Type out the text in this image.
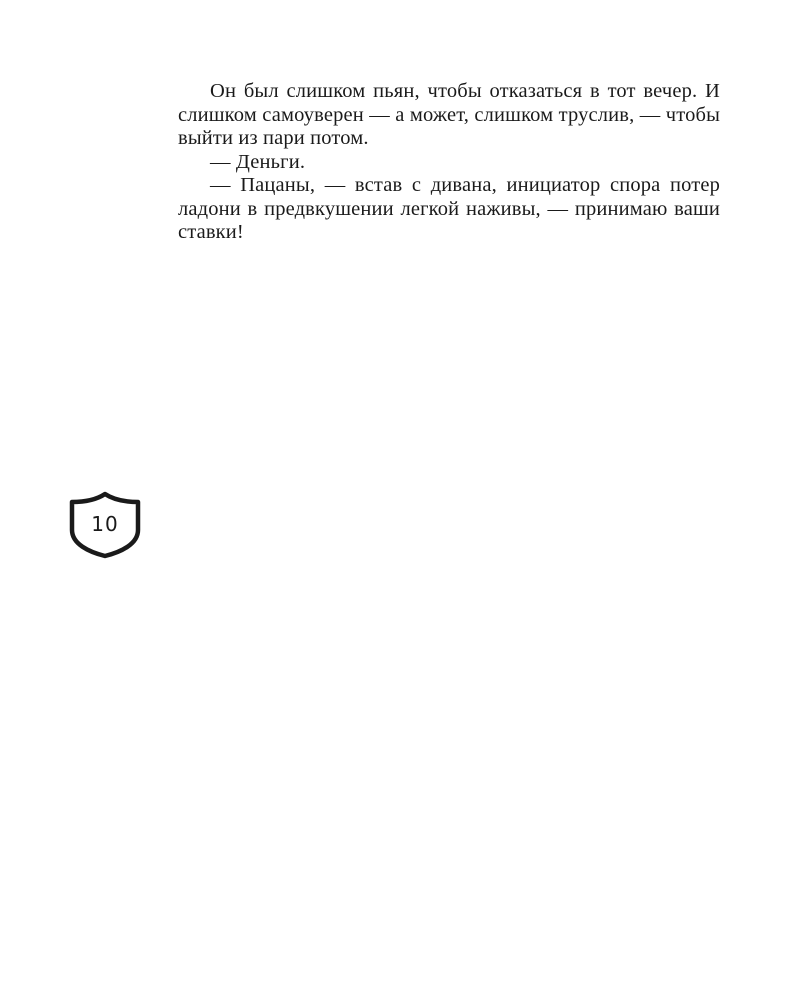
Он был слишком пьян, чтобы отказаться в тот вечер. И слишком самоуверен — а может, слишком труслив, — чтобы выйти из пари потом.

— Деньги.

— Пацаны, — встав с дивана, инициатор спора потер ладони в предвкушении легкой наживы, — принимаю ваши ставки!

10
